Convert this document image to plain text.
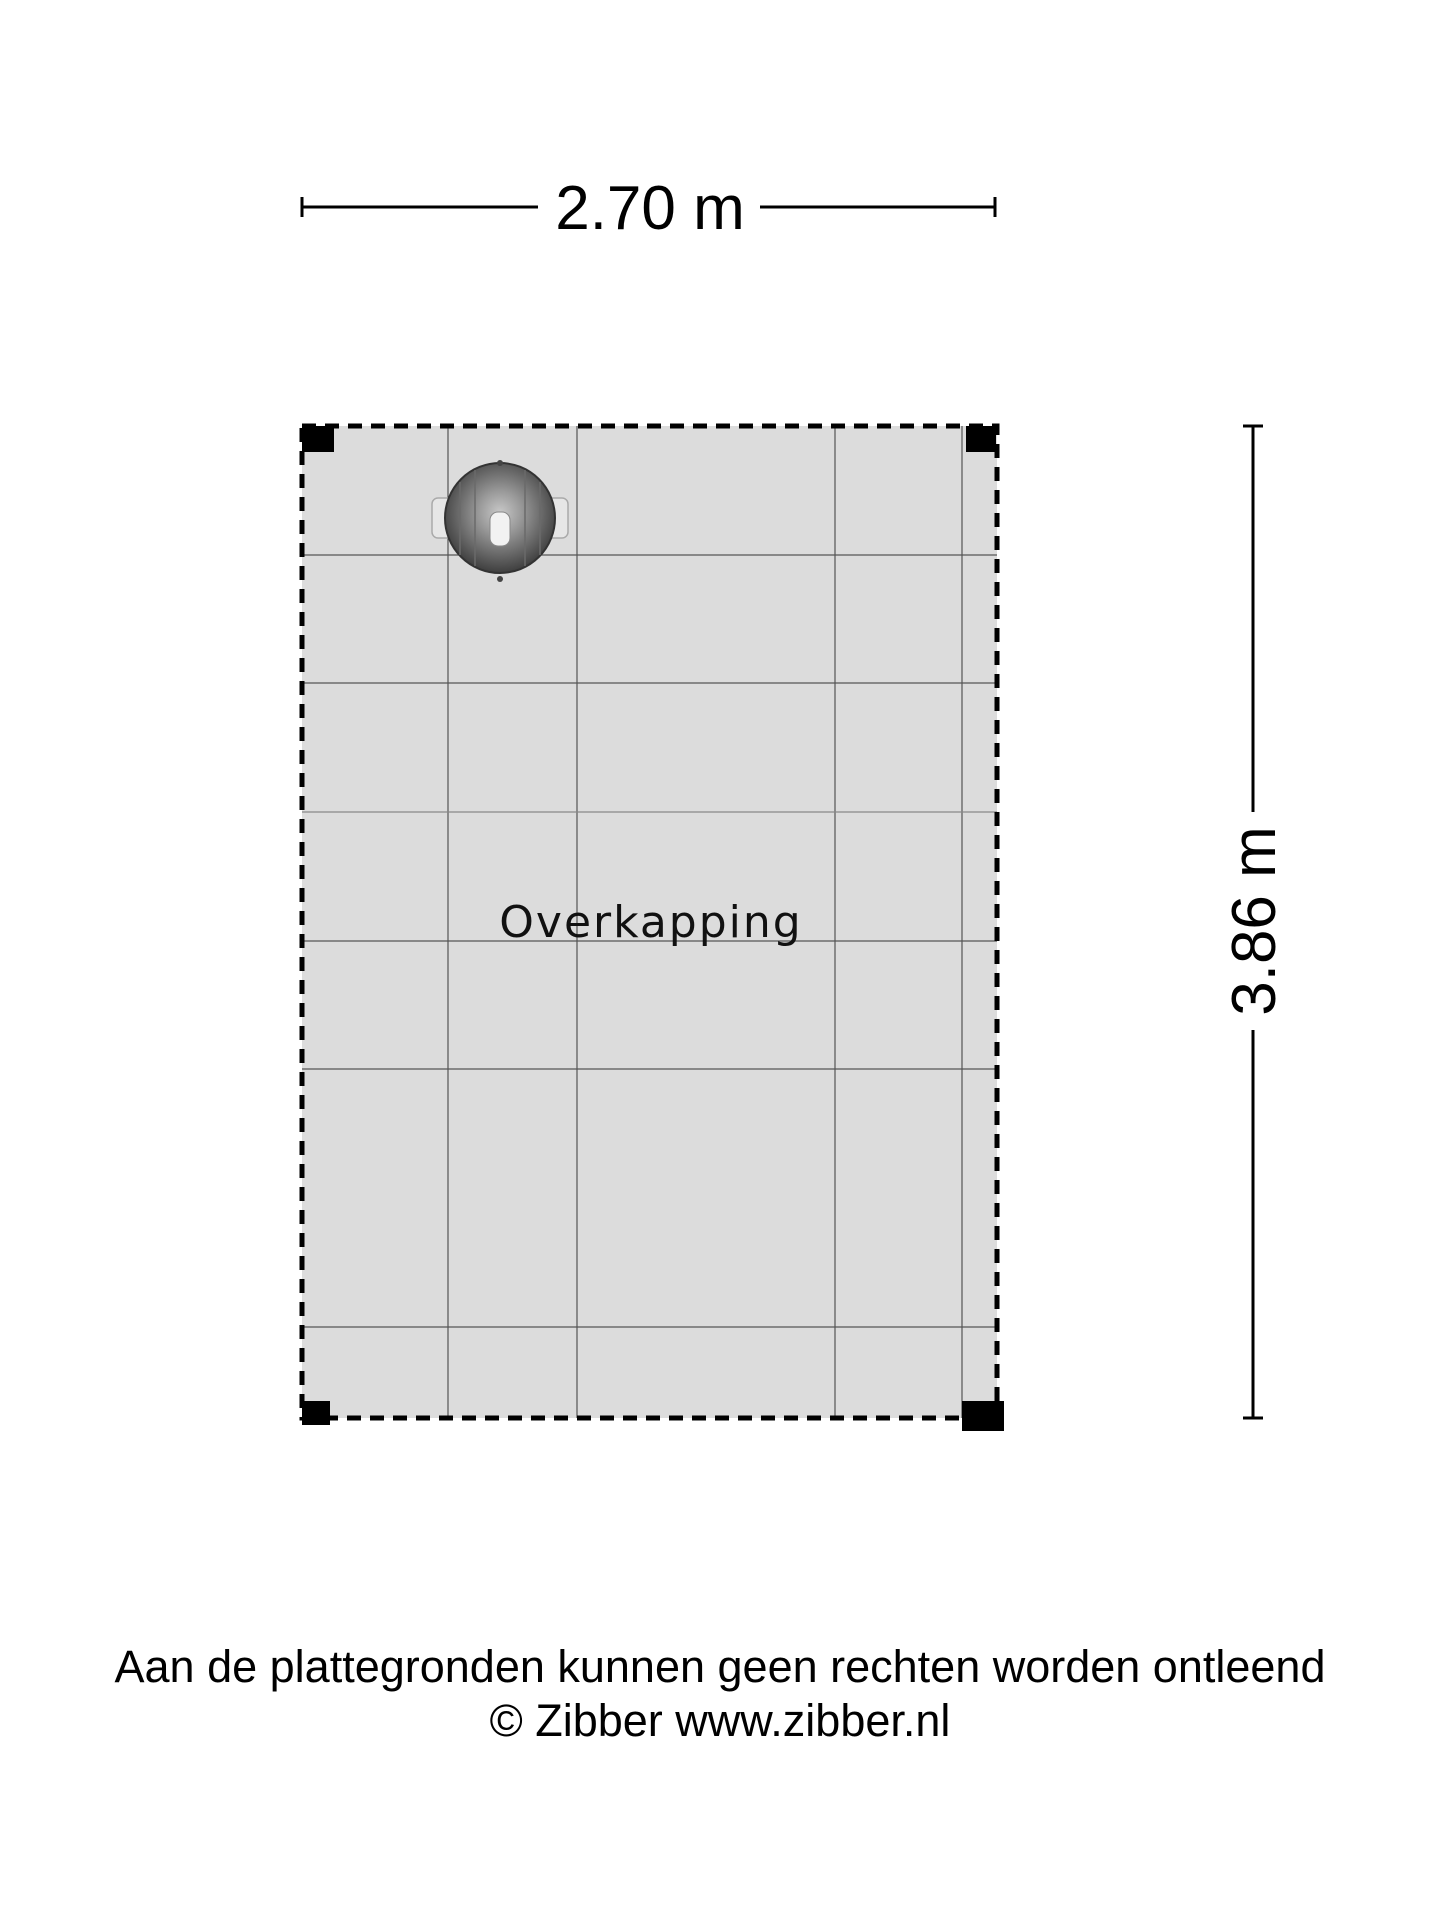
2.70 m
3.86 m
Overkapping
Aan de plattegronden kunnen geen rechten worden ontleend
© Zibber www.zibber.nl
